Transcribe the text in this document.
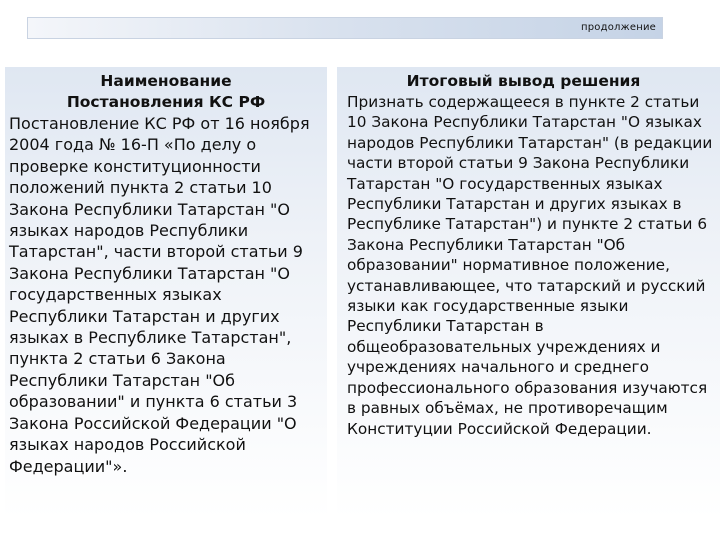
продолжение

Наименование
Постановления КС РФ

Постановление КС РФ от 16 ноября 2004 года № 16-П «По делу о проверке конституционности положений пункта 2 статьи 10 Закона Республики Татарстан "О языках народов Республики Татарстан", части второй статьи 9 Закона Республики Татарстан "О государственных языках Республики Татарстан и других языках в Республике Татарстан", пункта 2 статьи 6 Закона Республики Татарстан "Об образовании" и пункта 6 статьи 3 Закона Российской Федерации "О языках народов Российской Федерации"».

Итоговый вывод решения

Признать содержащееся в пункте 2 статьи 10 Закона Республики Татарстан "О языках народов Республики Татарстан" (в редакции части второй статьи 9 Закона Республики Татарстан "О государственных языках Республики Татарстан и других языках в Республике Татарстан") и пункте 2 статьи 6 Закона Республики Татарстан "Об образовании" нормативное положение, устанавливающее, что татарский и русский языки как государственные языки Республики Татарстан в общеобразовательных учреждениях и учреждениях начального и среднего профессионального образования изучаются в равных объёмах, не противоречащим Конституции Российской Федерации.
